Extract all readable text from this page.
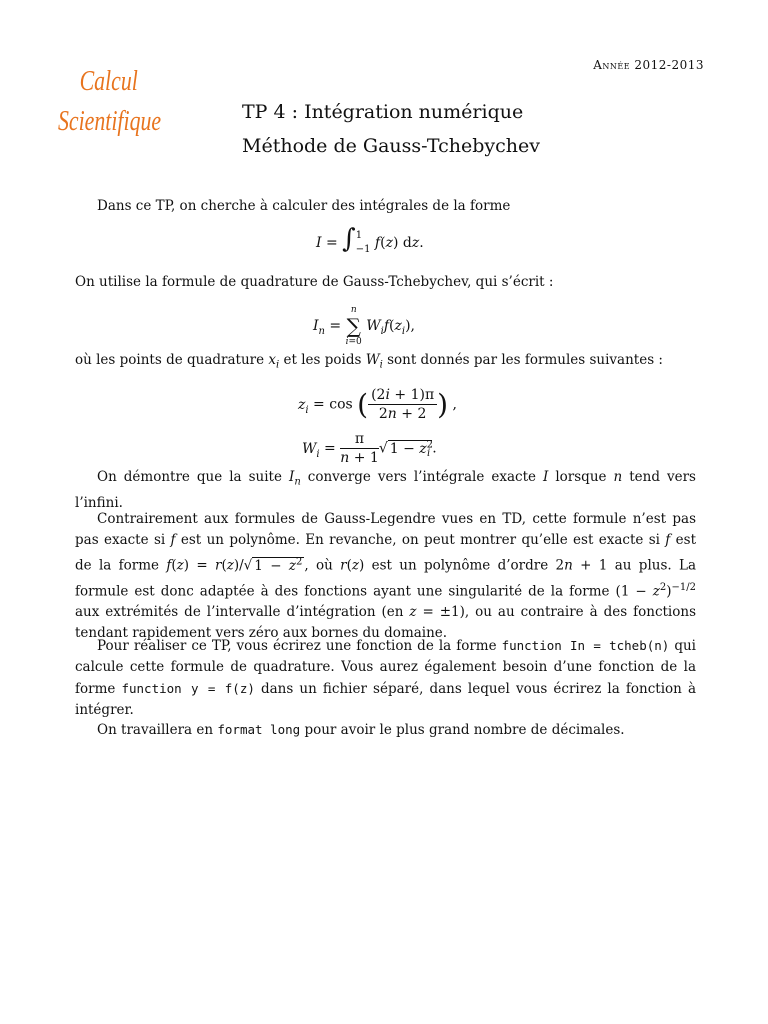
Année 2012-2013
Calcul
Scientifique	TP 4 : Intégration numérique
Méthode de Gauss-Tchebychev
Dans ce TP, on cherche à calculer des intégrales de la forme
I = ∫ 1
−1 f(z) dz.
On utilise la formule de quadrature de Gauss-Tchebychev, qui s’écrit :
$I_n$ =
n
∑
i=0
$W_if(z_i)$,
où les points de quadrature $x_i$ et les poids $W_i$ sont donnés par les formules suivantes :
$z_i = \cos$ ( $\frac{(2i + 1)\pi}{2n + 2}$ ) ,
$W_i = \frac{\pi}{n + 1}$ √ $1 - z^2_i$ .
On démontre que la suite $I_n$ converge vers l’intégrale exacte I lorsque n tend vers l’infini.
Contrairement aux formules de Gauss-Legendre vues en TD, cette formule n’est pas pas exacte si f est un polynôme. En revanche, on peut montrer qu’elle est exacte si f est de la forme f(z) = r(z)/√ $1 - z^2$ , où r(z) est un polynôme d’ordre 2n + 1 au plus. La formule est donc adaptée à des fonctions ayant une singularité de la forme $(1 - z^2)^{-1/2}$ aux extrémités de l’intervalle d’intégration (en z = ±1), ou au contraire à des fonctions tendant rapidement vers zéro aux bornes du domaine.
Pour réaliser ce TP, vous écrirez une fonction de la forme function In = tcheb(n) qui calcule cette formule de quadrature. Vous aurez également besoin d’une fonction de la forme function y = f(z) dans un fichier séparé, dans lequel vous écrirez la fonction à intégrer.
On travaillera en format long pour avoir le plus grand nombre de décimales.
